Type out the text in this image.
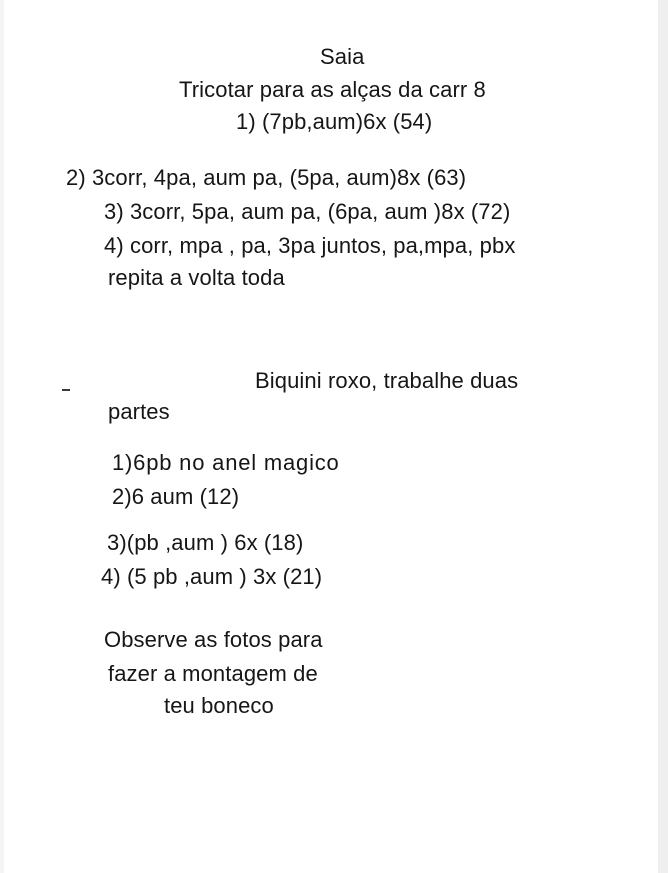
Saia
Tricotar para as alças da carr 8
1) (7pb,aum)6x (54)
2) 3corr, 4pa, aum pa, (5pa, aum)8x (63)
3) 3corr, 5pa, aum pa, (6pa, aum )8x (72)
4) corr, mpa , pa, 3pa juntos, pa,mpa, pbx
repita a volta toda
Biquini roxo, trabalhe duas
partes
1)6pb no anel magico
2)6 aum (12)
3)(pb ,aum ) 6x (18)
4) (5 pb ,aum ) 3x (21)
Observe as fotos para
fazer a montagem de
teu boneco
